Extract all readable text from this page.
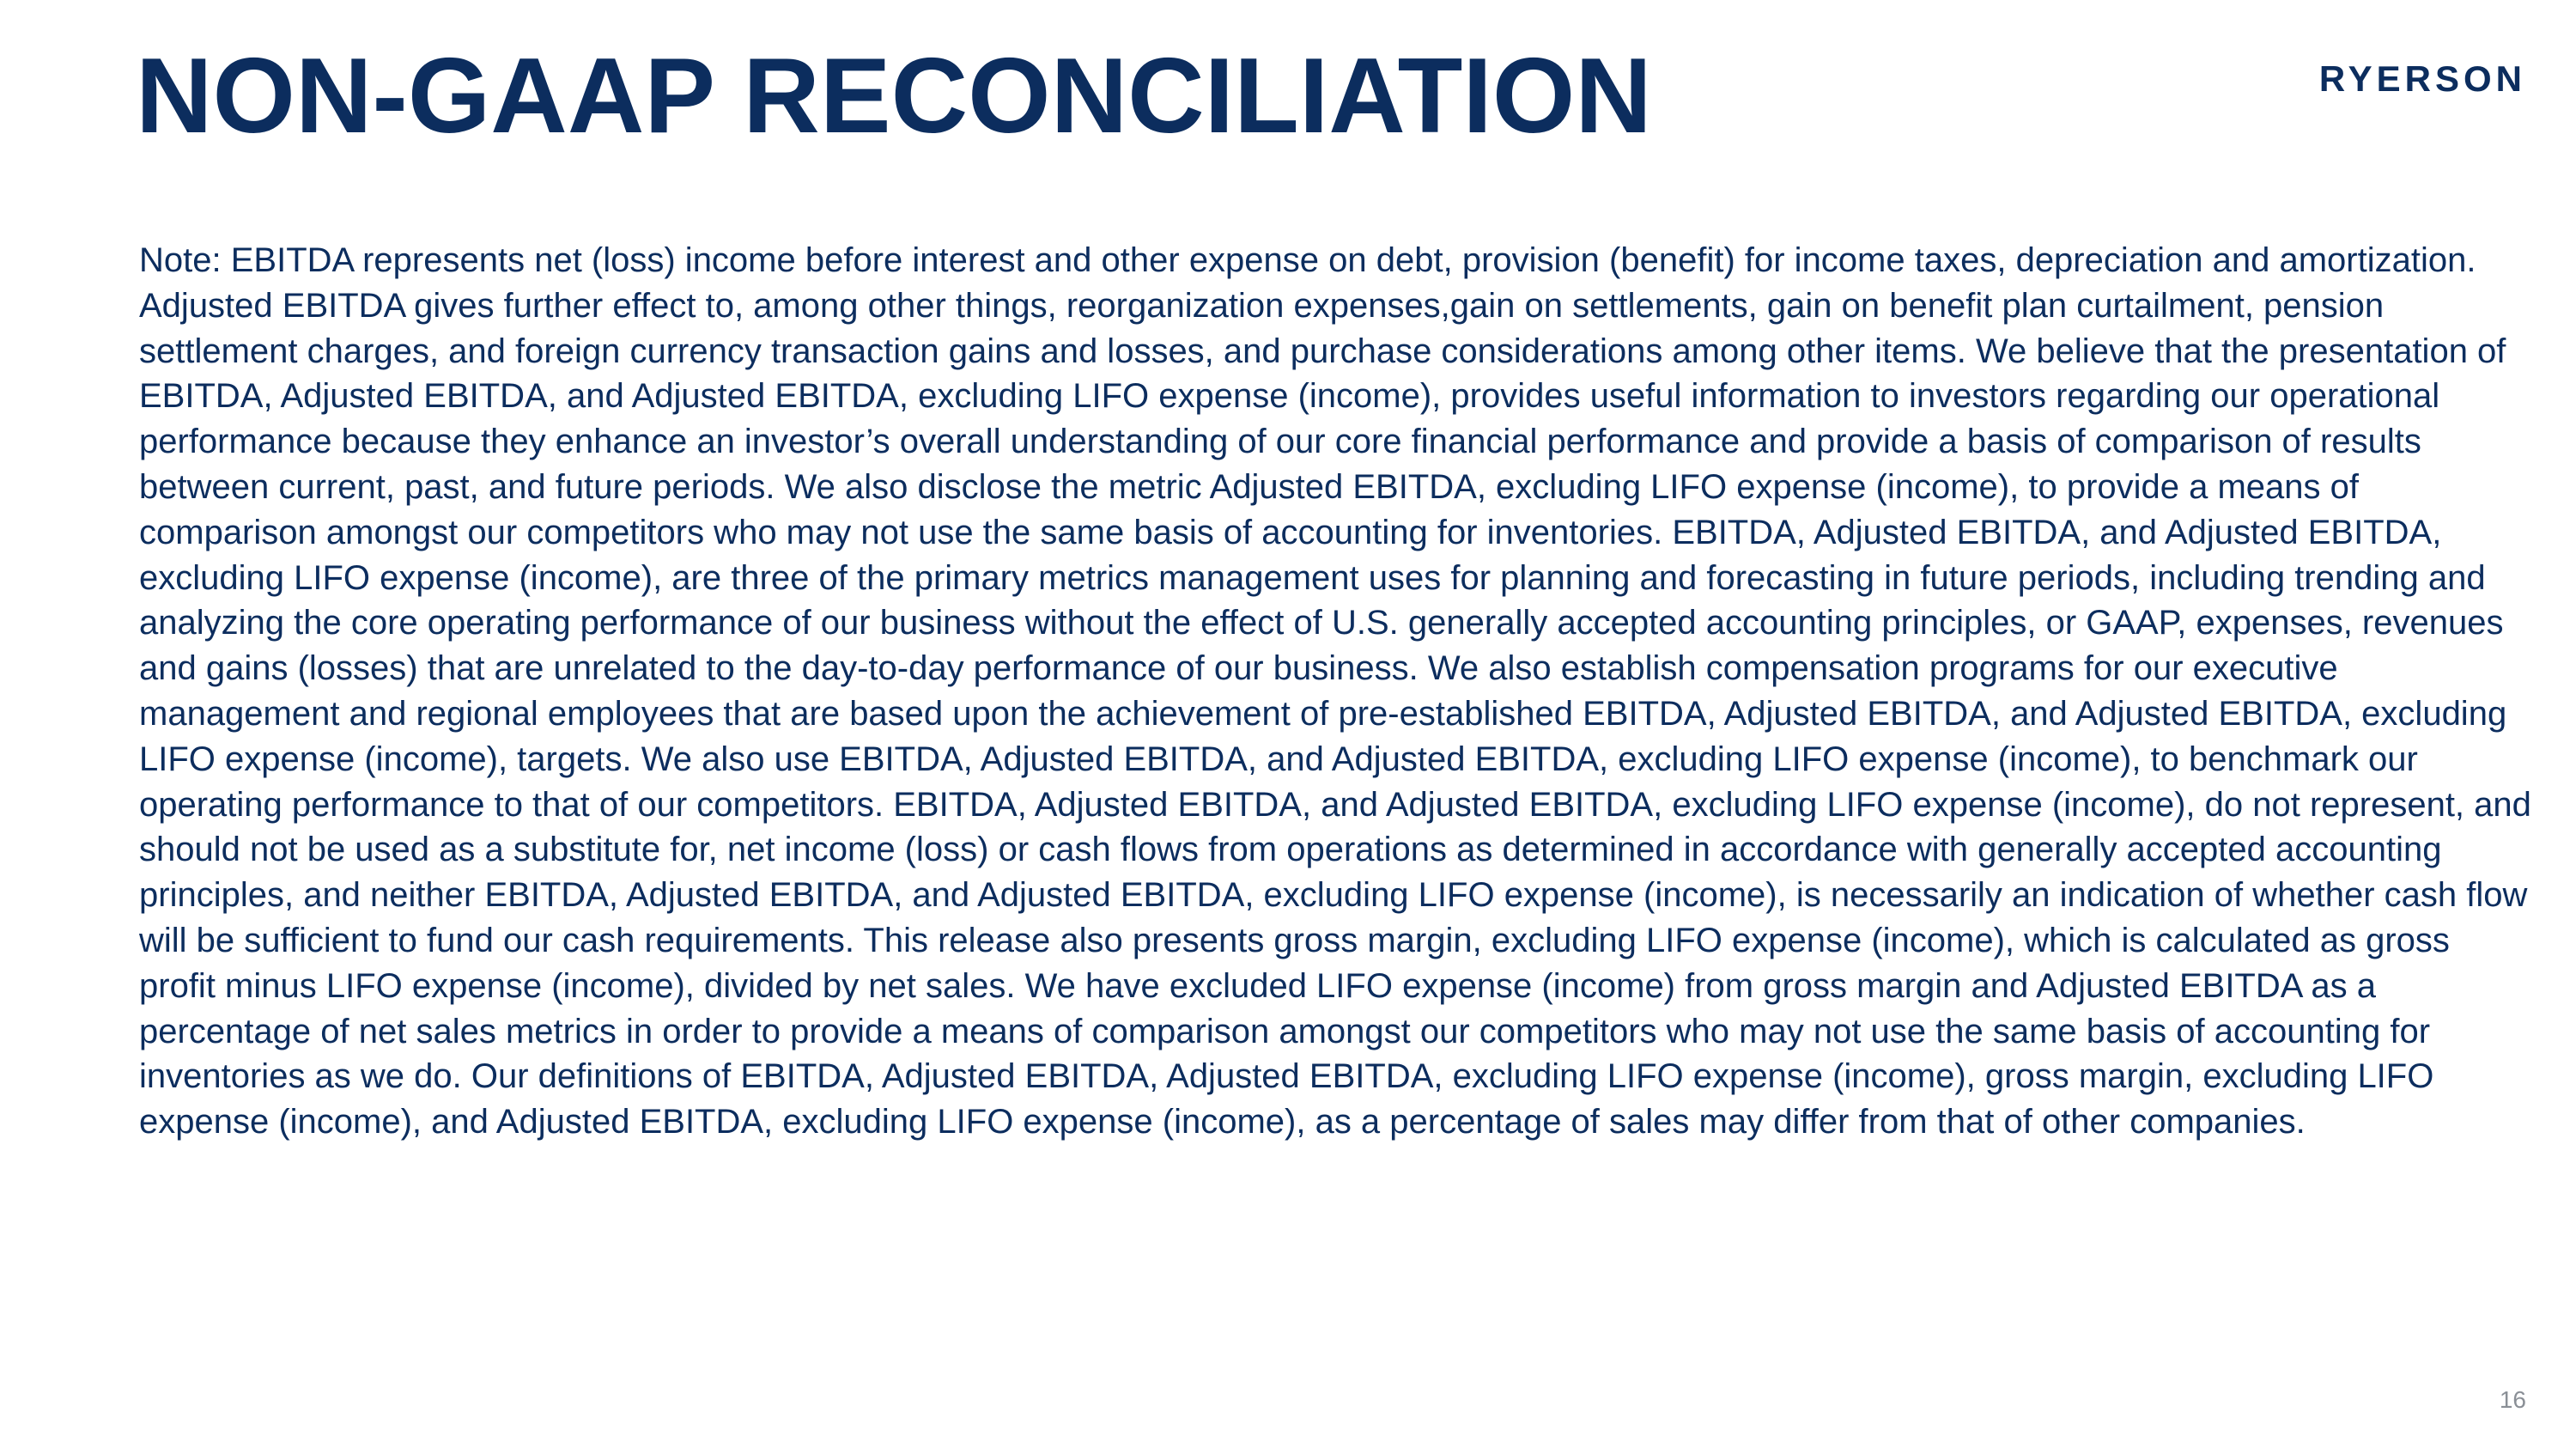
NON-GAAP RECONCILIATION	RYERSON

Note: EBITDA represents net (loss) income before interest and other expense on debt, provision (benefit) for income taxes, depreciation and amortization. Adjusted EBITDA gives further effect to, among other things, reorganization expenses,gain on settlements, gain on benefit plan curtailment, pension settlement charges, and foreign currency transaction gains and losses, and purchase considerations among other items. We believe that the presentation of EBITDA, Adjusted EBITDA, and Adjusted EBITDA, excluding LIFO expense (income), provides useful information to investors regarding our operational performance because they enhance an investor’s overall understanding of our core financial performance and provide a basis of comparison of results between current, past, and future periods. We also disclose the metric Adjusted EBITDA, excluding LIFO expense (income), to provide a means of comparison amongst our competitors who may not use the same basis of accounting for inventories. EBITDA, Adjusted EBITDA, and Adjusted EBITDA, excluding LIFO expense (income), are three of the primary metrics management uses for planning and forecasting in future periods, including trending and analyzing the core operating performance of our business without the effect of U.S. generally accepted accounting principles, or GAAP, expenses, revenues and gains (losses) that are unrelated to the day-to-day performance of our business. We also establish compensation programs for our executive management and regional employees that are based upon the achievement of pre-established EBITDA, Adjusted EBITDA, and Adjusted EBITDA, excluding LIFO expense (income), targets. We also use EBITDA, Adjusted EBITDA, and Adjusted EBITDA, excluding LIFO expense (income), to benchmark our operating performance to that of our competitors. EBITDA, Adjusted EBITDA, and Adjusted EBITDA, excluding LIFO expense (income), do not represent, and should not be used as a substitute for, net income (loss) or cash flows from operations as determined in accordance with generally accepted accounting principles, and neither EBITDA, Adjusted EBITDA, and Adjusted EBITDA, excluding LIFO expense (income), is necessarily an indication of whether cash flow will be sufficient to fund our cash requirements. This release also presents gross margin, excluding LIFO expense (income), which is calculated as gross profit minus LIFO expense (income), divided by net sales. We have excluded LIFO expense (income) from gross margin and Adjusted EBITDA as a percentage of net sales metrics in order to provide a means of comparison amongst our competitors who may not use the same basis of accounting for inventories as we do. Our definitions of EBITDA, Adjusted EBITDA, Adjusted EBITDA, excluding LIFO expense (income), gross margin, excluding LIFO expense (income), and Adjusted EBITDA, excluding LIFO expense (income), as a percentage of sales may differ from that of other companies.

16
